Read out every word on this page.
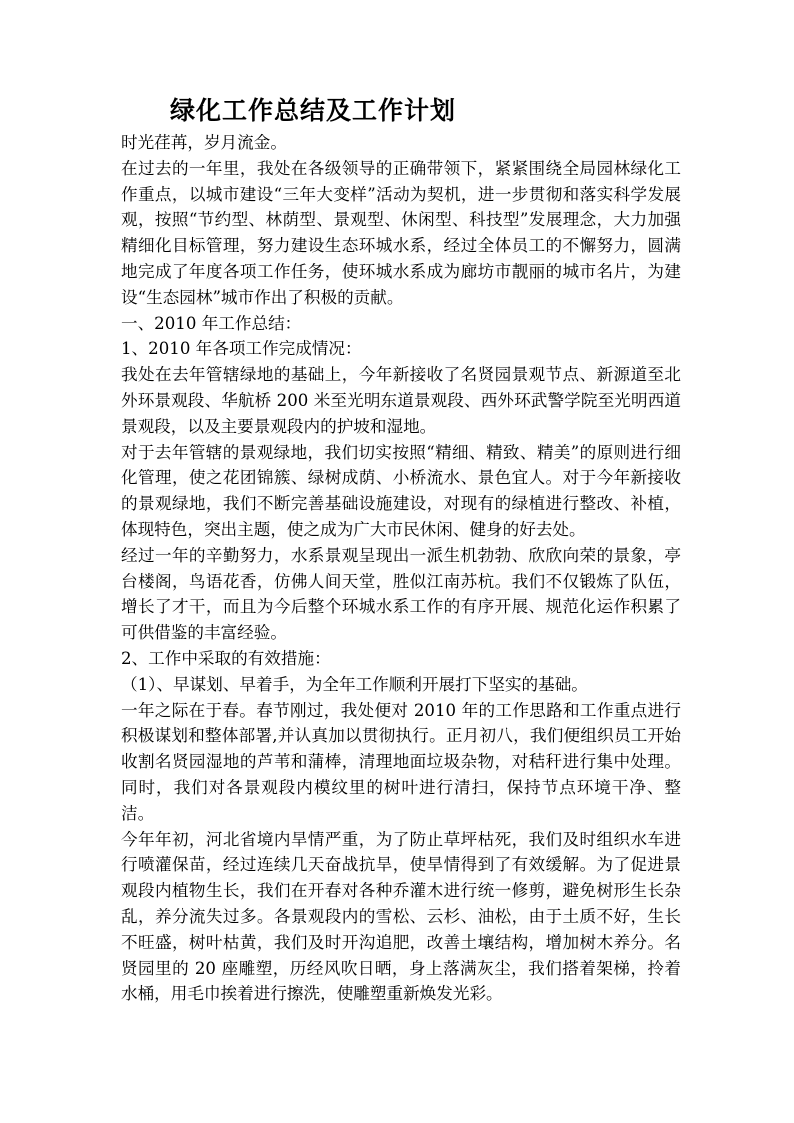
绿化工作总结及工作计划

时光荏苒，岁月流金。

在过去的一年里，我处在各级领导的正确带领下，紧紧围绕全局园林绿化工作重点，以城市建设“三年大变样”活动为契机，进一步贯彻和落实科学发展观，按照“节约型、林荫型、景观型、休闲型、科技型”发展理念，大力加强精细化目标管理，努力建设生态环城水系，经过全体员工的不懈努力，圆满地完成了年度各项工作任务，使环城水系成为廊坊市靓丽的城市名片，为建设“生态园林”城市作出了积极的贡献。

一、2010 年工作总结：

1、2010 年各项工作完成情况：

我处在去年管辖绿地的基础上，今年新接收了名贤园景观节点、新源道至北外环景观段、华航桥 200 米至光明东道景观段、西外环武警学院至光明西道景观段，以及主要景观段内的护坡和湿地。

对于去年管辖的景观绿地，我们切实按照“精细、精致、精美”的原则进行细化管理，使之花团锦簇、绿树成荫、小桥流水、景色宜人。对于今年新接收的景观绿地，我们不断完善基础设施建设，对现有的绿植进行整改、补植，体现特色，突出主题，使之成为广大市民休闲、健身的好去处。

经过一年的辛勤努力，水系景观呈现出一派生机勃勃、欣欣向荣的景象，亭台楼阁，鸟语花香，仿佛人间天堂，胜似江南苏杭。我们不仅锻炼了队伍，增长了才干，而且为今后整个环城水系工作的有序开展、规范化运作积累了可供借鉴的丰富经验。

2、工作中采取的有效措施：

（1）、早谋划、早着手，为全年工作顺利开展打下坚实的基础。

一年之际在于春。春节刚过，我处便对 2010 年的工作思路和工作重点进行积极谋划和整体部署,并认真加以贯彻执行。正月初八，我们便组织员工开始收割名贤园湿地的芦苇和蒲棒，清理地面垃圾杂物，对秸秆进行集中处理。同时，我们对各景观段内模纹里的树叶进行清扫，保持节点环境干净、整洁。

今年年初，河北省境内旱情严重，为了防止草坪枯死，我们及时组织水车进行喷灌保苗，经过连续几天奋战抗旱，使旱情得到了有效缓解。为了促进景观段内植物生长，我们在开春对各种乔灌木进行统一修剪，避免树形生长杂乱，养分流失过多。各景观段内的雪松、云杉、油松，由于土质不好，生长不旺盛，树叶枯黄，我们及时开沟追肥，改善土壤结构，增加树木养分。名贤园里的 20 座雕塑，历经风吹日晒，身上落满灰尘，我们搭着架梯，拎着水桶，用毛巾挨着进行擦洗，使雕塑重新焕发光彩。
